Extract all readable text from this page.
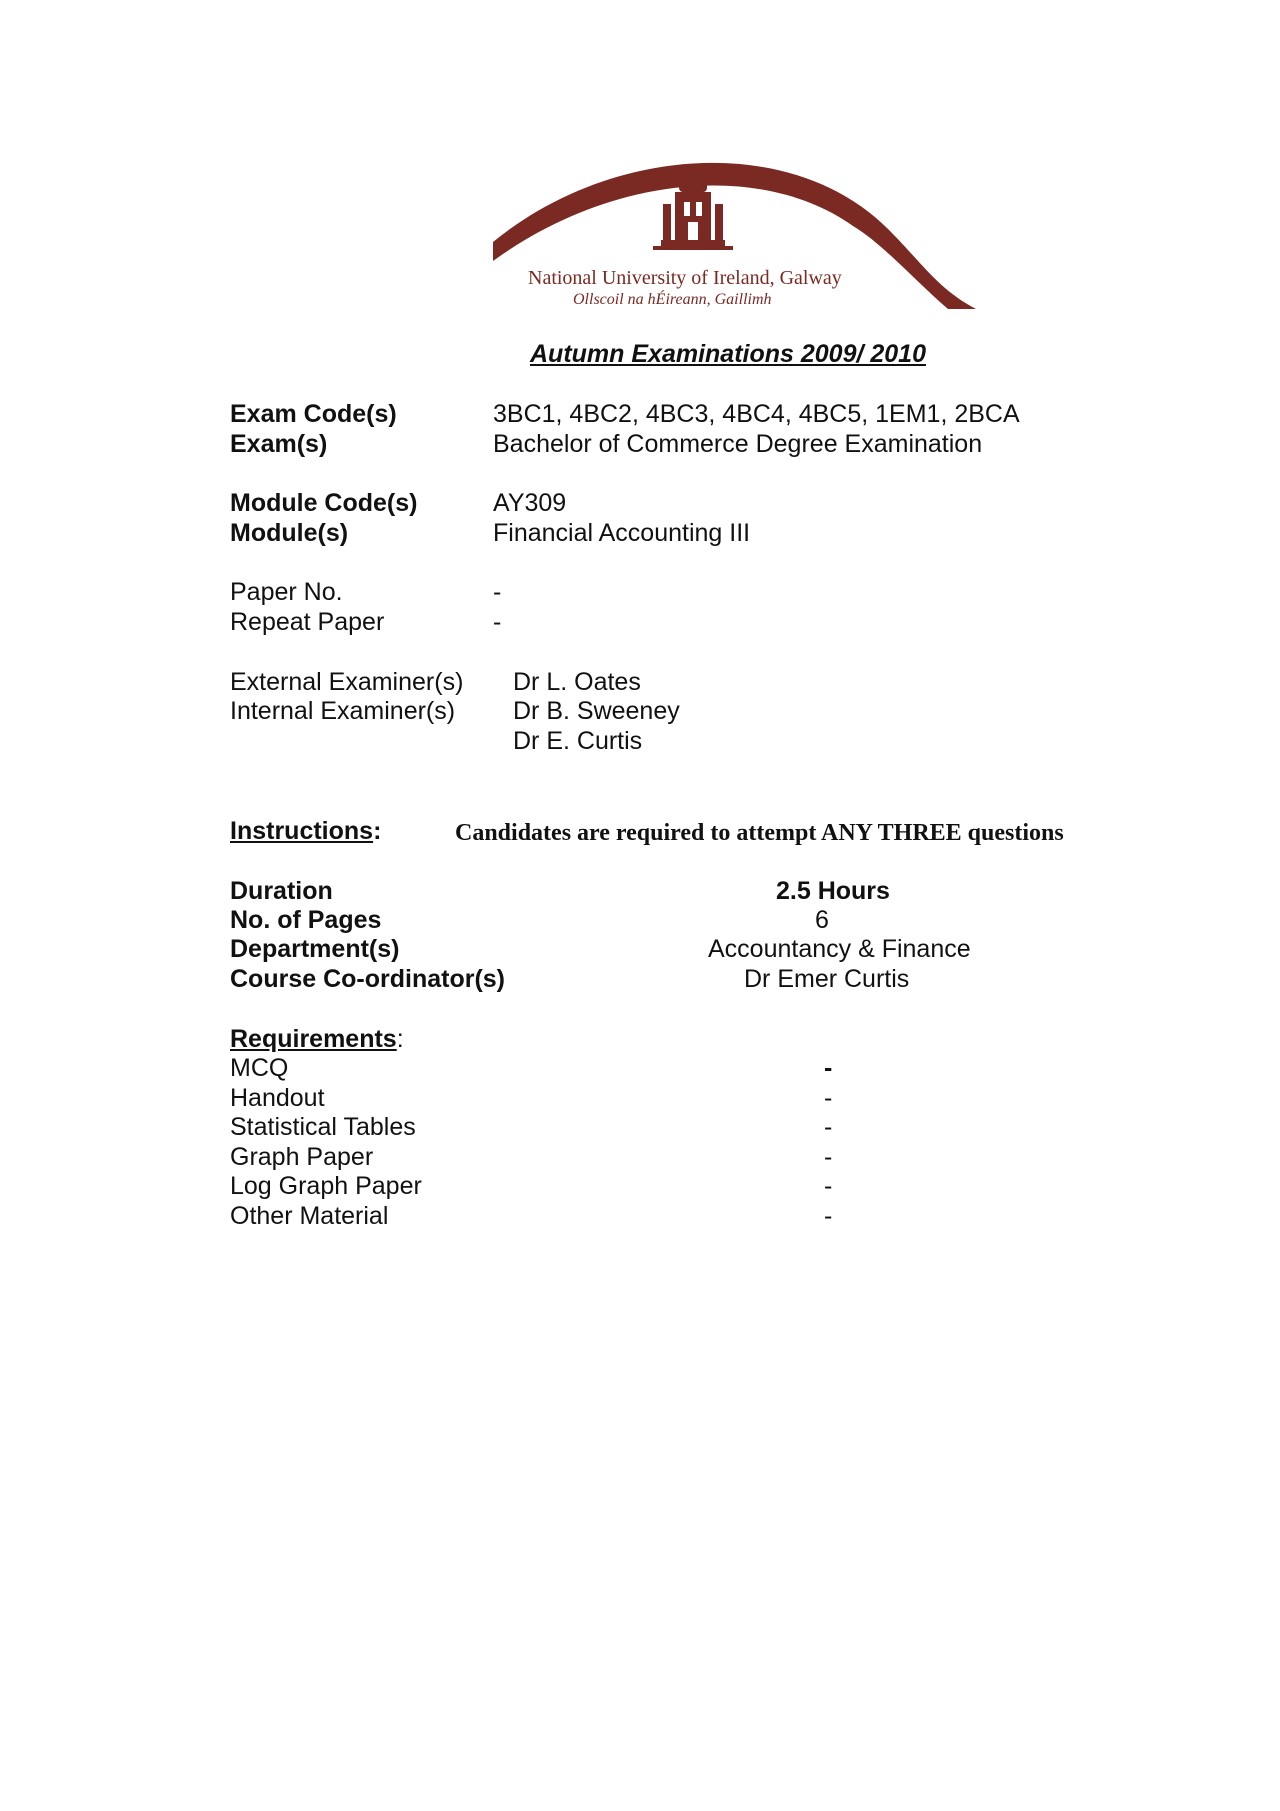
National University of Ireland, Galway
Ollscoil na hÉireann, Gaillimh
Autumn Examinations 2009/ 2010
Exam Code(s)	3BC1, 4BC2, 4BC3, 4BC4, 4BC5, 1EM1, 2BCA
Exam(s)	Bachelor of Commerce Degree Examination
Module Code(s)	AY309
Module(s)	Financial Accounting III
Paper No.	-
Repeat Paper	-
External Examiner(s) Dr L. Oates
Internal Examiner(s) Dr B. Sweeney
Dr E. Curtis
Instructions:	Candidates are required to attempt ANY THREE questions
Duration	2.5 Hours
No. of Pages	6
Department(s)	Accountancy & Finance
Course Co-ordinator(s)	Dr Emer Curtis
Requirements:
MCQ	-
Handout	-
Statistical Tables	-
Graph Paper	-
Log Graph Paper	-
Other Material	-
